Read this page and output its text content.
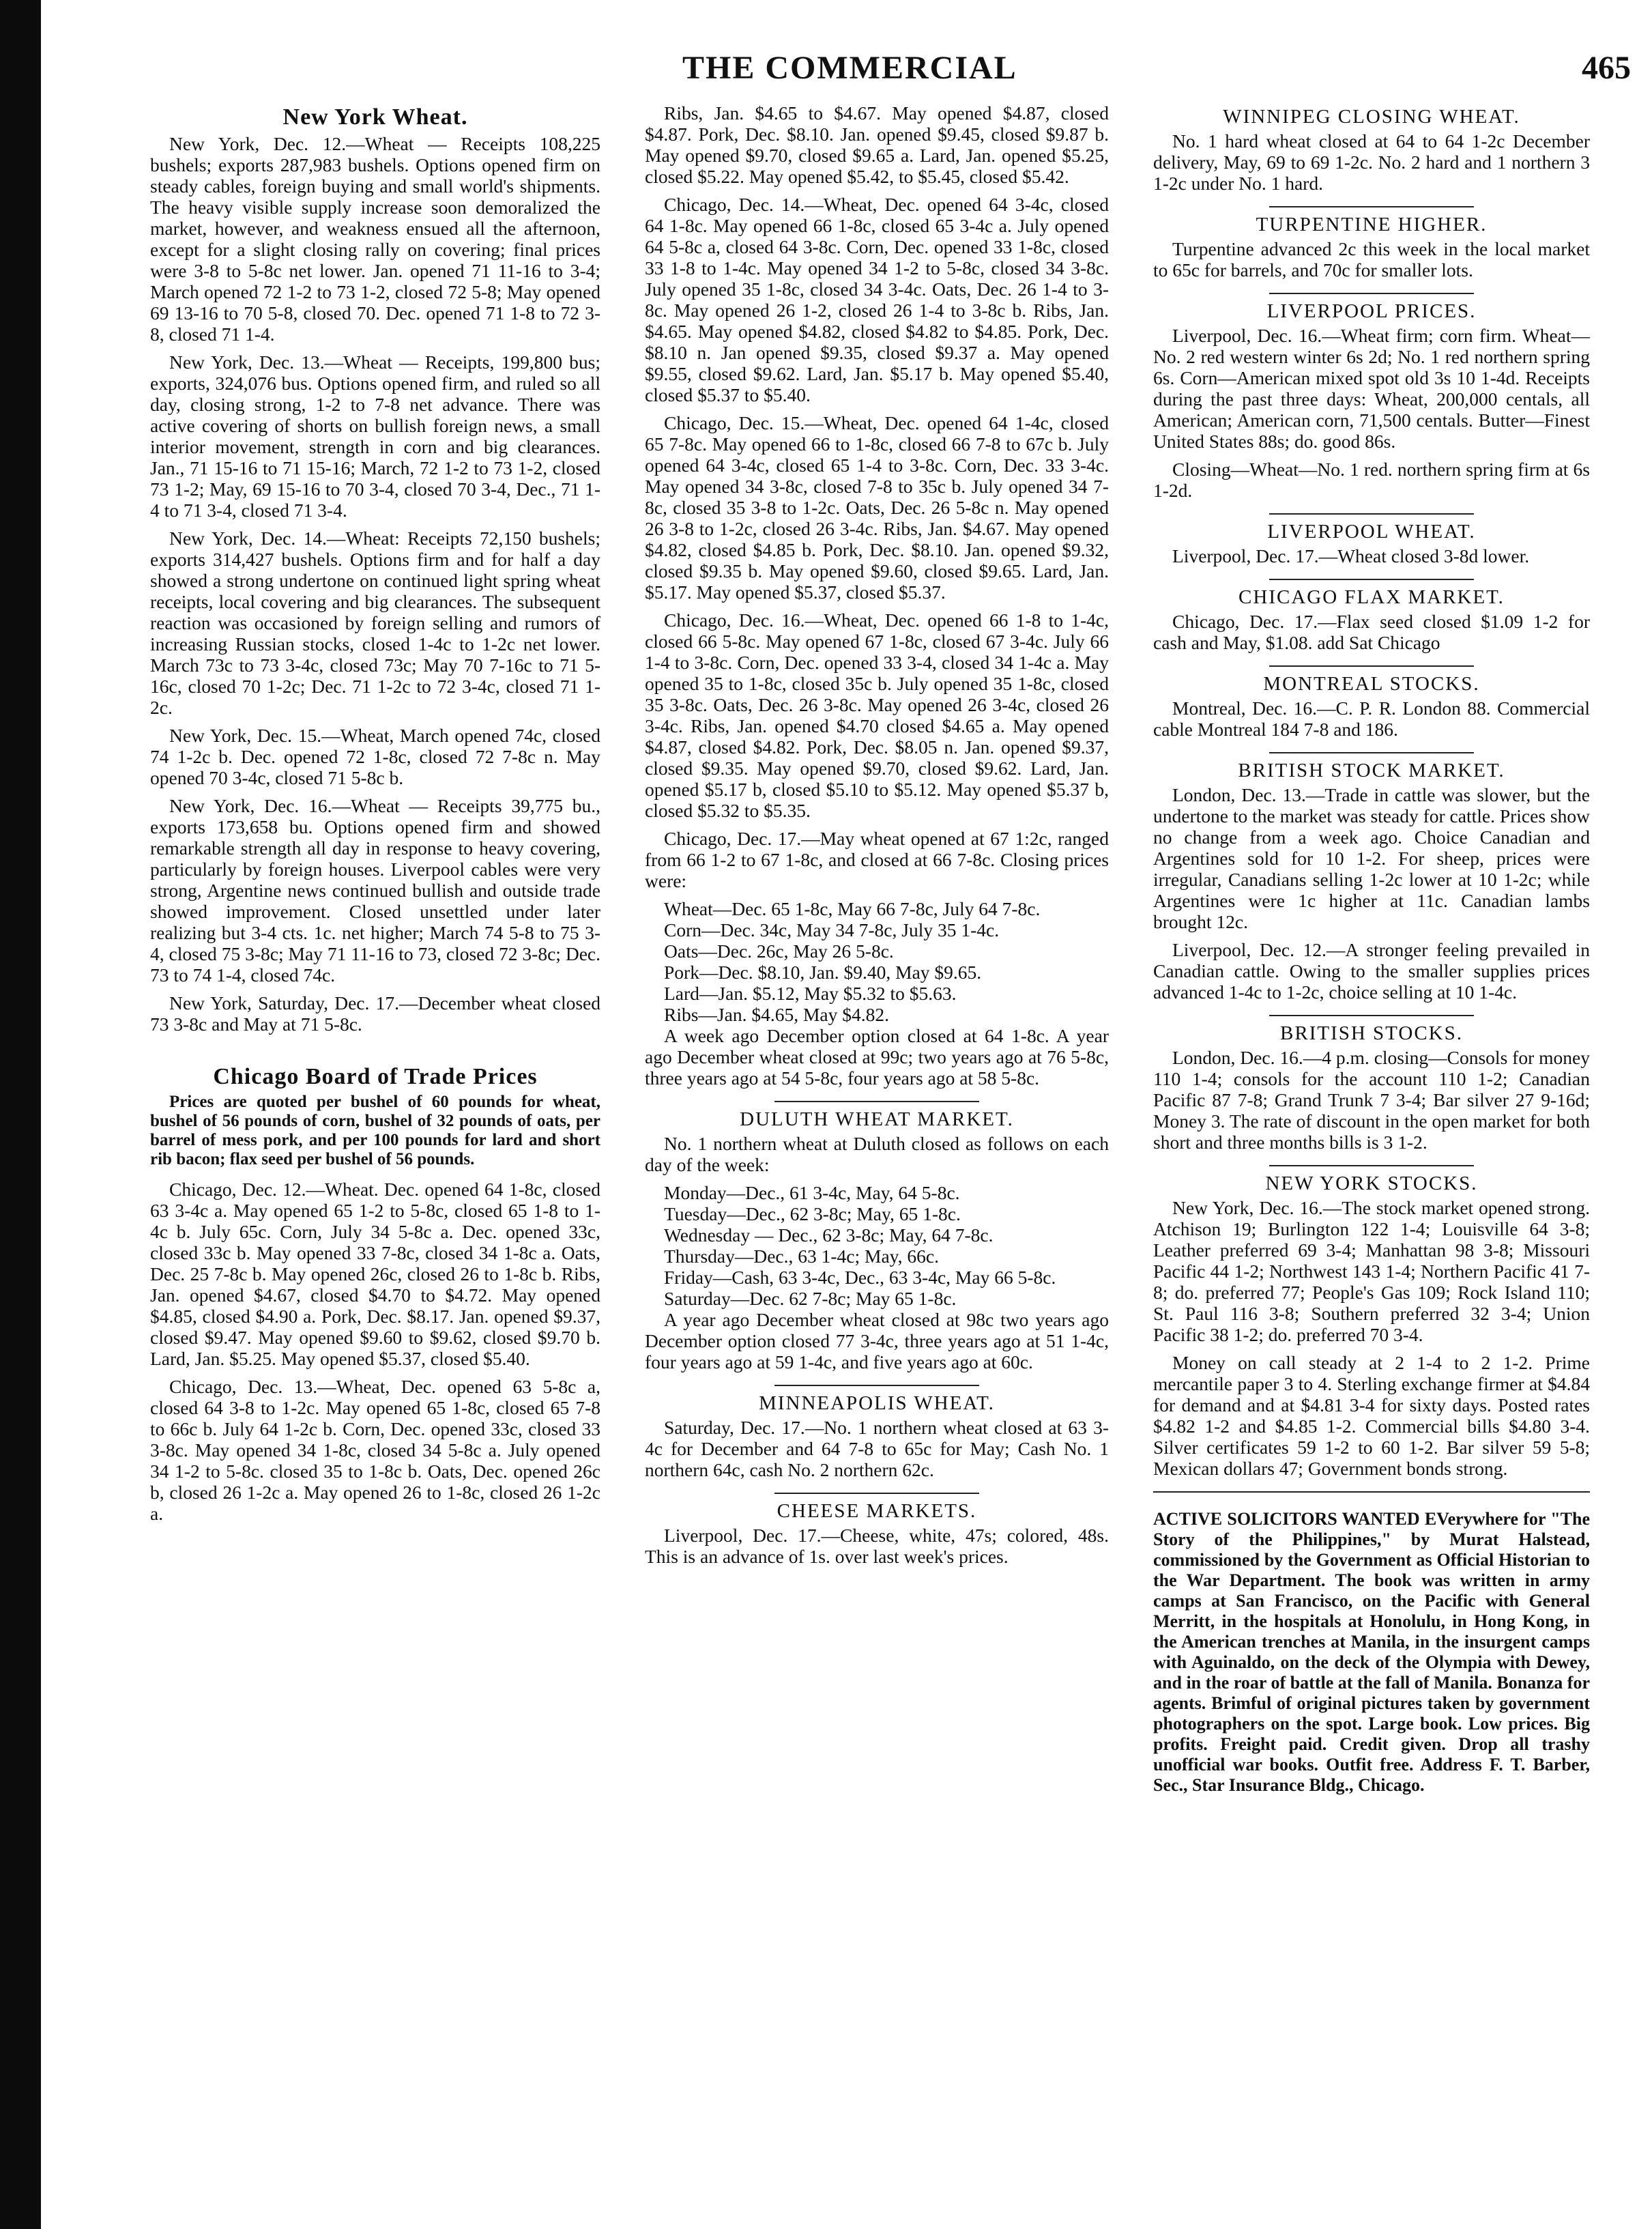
THE COMMERCIAL	465
New York Wheat.

New York, Dec. 12.—Wheat — Receipts 108,225 bushels; exports 287,983 bushels. Options opened firm on steady cables, foreign buying and small world's shipments. The heavy visible supply increase soon demoralized the market, however, and weakness ensued all the afternoon, except for a slight closing rally on covering; final prices were 3-8 to 5-8c net lower. Jan. opened 71 11-16 to 3-4; March opened 72 1-2 to 73 1-2, closed 72 5-8; May opened 69 13-16 to 70 5-8, closed 70. Dec. opened 71 1-8 to 72 3-8, closed 71 1-4.

New York, Dec. 13.—Wheat — Receipts, 199,800 bus; exports, 324,076 bus. Options opened firm, and ruled so all day, closing strong, 1-2 to 7-8 net advance. There was active covering of shorts on bullish foreign news, a small interior movement, strength in corn and big clearances. Jan., 71 15-16 to 71 15-16; March, 72 1-2 to 73 1-2, closed 73 1-2; May, 69 15-16 to 70 3-4, closed 70 3-4, Dec., 71 1-4 to 71 3-4, closed 71 3-4.

New York, Dec. 14.—Wheat: Receipts 72,150 bushels; exports 314,427 bushels. Options firm and for half a day showed a strong undertone on continued light spring wheat receipts, local covering and big clearances. The subsequent reaction was occasioned by foreign selling and rumors of increasing Russian stocks, closed 1-4c to 1-2c net lower. March 73c to 73 3-4c, closed 73c; May 70 7-16c to 71 5-16c, closed 70 1-2c; Dec. 71 1-2c to 72 3-4c, closed 71 1-2c.

New York, Dec. 15.—Wheat, March opened 74c, closed 74 1-2c b. Dec. opened 72 1-8c, closed 72 7-8c n. May opened 70 3-4c, closed 71 5-8c b.

New York, Dec. 16.—Wheat — Receipts 39,775 bu., exports 173,658 bu. Options opened firm and showed remarkable strength all day in response to heavy covering, particularly by foreign houses. Liverpool cables were very strong, Argentine news continued bullish and outside trade showed improvement. Closed unsettled under later realizing but 3-4 cts. 1c. net higher; March 74 5-8 to 75 3-4, closed 75 3-8c; May 71 11-16 to 73, closed 72 3-8c; Dec. 73 to 74 1-4, closed 74c.

New York, Saturday, Dec. 17.—December wheat closed 73 3-8c and May at 71 5-8c.

Chicago Board of Trade Prices

Prices are quoted per bushel of 60 pounds for wheat, bushel of 56 pounds of corn, bushel of 32 pounds of oats, per barrel of mess pork, and per 100 pounds for lard and short rib bacon; flax seed per bushel of 56 pounds.

Chicago, Dec. 12.—Wheat. Dec. opened 64 1-8c, closed 63 3-4c a. May opened 65 1-2 to 5-8c, closed 65 1-8 to 1-4c b. July 65c. Corn, July 34 5-8c a. Dec. opened 33c, closed 33c b. May opened 33 7-8c, closed 34 1-8c a. Oats, Dec. 25 7-8c b. May opened 26c, closed 26 to 1-8c b. Ribs, Jan. opened $4.67, closed $4.70 to $4.72. May opened $4.85, closed $4.90 a. Pork, Dec. $8.17. Jan. opened $9.37, closed $9.47. May opened $9.60 to $9.62, closed $9.70 b. Lard, Jan. $5.25. May opened $5.37, closed $5.40.

Chicago, Dec. 13.—Wheat, Dec. opened 63 5-8c a, closed 64 3-8 to 1-2c. May opened 65 1-8c, closed 65 7-8 to 66c b. July 64 1-2c b. Corn, Dec. opened 33c, closed 33 3-8c. May opened 34 1-8c, closed 34 5-8c a. July opened 34 1-2 to 5-8c. closed 35 to 1-8c b. Oats, Dec. opened 26c b, closed 26 1-2c a. May opened 26 to 1-8c, closed 26 1-2c a.

Ribs, Jan. $4.65 to $4.67. May opened $4.87, closed $4.87. Pork, Dec. $8.10. Jan. opened $9.45, closed $9.87 b. May opened $9.70, closed $9.65 a. Lard, Jan. opened $5.25, closed $5.22. May opened $5.42, to $5.45, closed $5.42.

Chicago, Dec. 14.—Wheat, Dec. opened 64 3-4c, closed 64 1-8c. May opened 66 1-8c, closed 65 3-4c a. July opened 64 5-8c a, closed 64 3-8c. Corn, Dec. opened 33 1-8c, closed 33 1-8 to 1-4c. May opened 34 1-2 to 5-8c, closed 34 3-8c. July opened 35 1-8c, closed 34 3-4c. Oats, Dec. 26 1-4 to 3-8c. May opened 26 1-2, closed 26 1-4 to 3-8c b. Ribs, Jan. $4.65. May opened $4.82, closed $4.82 to $4.85. Pork, Dec. $8.10 n. Jan opened $9.35, closed $9.37 a. May opened $9.55, closed $9.62. Lard, Jan. $5.17 b. May opened $5.40, closed $5.37 to $5.40.

Chicago, Dec. 15.—Wheat, Dec. opened 64 1-4c, closed 65 7-8c. May opened 66 to 1-8c, closed 66 7-8 to 67c b. July opened 64 3-4c, closed 65 1-4 to 3-8c. Corn, Dec. 33 3-4c. May opened 34 3-8c, closed 7-8 to 35c b. July opened 34 7-8c, closed 35 3-8 to 1-2c. Oats, Dec. 26 5-8c n. May opened 26 3-8 to 1-2c, closed 26 3-4c. Ribs, Jan. $4.67. May opened $4.82, closed $4.85 b. Pork, Dec. $8.10. Jan. opened $9.32, closed $9.35 b. May opened $9.60, closed $9.65. Lard, Jan. $5.17. May opened $5.37, closed $5.37.

Chicago, Dec. 16.—Wheat, Dec. opened 66 1-8 to 1-4c, closed 66 5-8c. May opened 67 1-8c, closed 67 3-4c. July 66 1-4 to 3-8c. Corn, Dec. opened 33 3-4, closed 34 1-4c a. May opened 35 to 1-8c, closed 35c b. July opened 35 1-8c, closed 35 3-8c. Oats, Dec. 26 3-8c. May opened 26 3-4c, closed 26 3-4c. Ribs, Jan. opened $4.70 closed $4.65 a. May opened $4.87, closed $4.82. Pork, Dec. $8.05 n. Jan. opened $9.37, closed $9.35. May opened $9.70, closed $9.62. Lard, Jan. opened $5.17 b, closed $5.10 to $5.12. May opened $5.37 b, closed $5.32 to $5.35.

Chicago, Dec. 17.—May wheat opened at 67 1:2c, ranged from 66 1-2 to 67 1-8c, and closed at 66 7-8c. Closing prices were:

Wheat—Dec. 65 1-8c, May 66 7-8c, July 64 7-8c.

Corn—Dec. 34c, May 34 7-8c, July 35 1-4c.

Oats—Dec. 26c, May 26 5-8c.

Pork—Dec. $8.10, Jan. $9.40, May $9.65.

Lard—Jan. $5.12, May $5.32 to $5.63.

Ribs—Jan. $4.65, May $4.82.

A week ago December option closed at 64 1-8c. A year ago December wheat closed at 99c; two years ago at 76 5-8c, three years ago at 54 5-8c, four years ago at 58 5-8c.

DULUTH WHEAT MARKET.

No. 1 northern wheat at Duluth closed as follows on each day of the week:

Monday—Dec., 61 3-4c, May, 64 5-8c.

Tuesday—Dec., 62 3-8c; May, 65 1-8c.

Wednesday — Dec., 62 3-8c; May, 64 7-8c.

Thursday—Dec., 63 1-4c; May, 66c.

Friday—Cash, 63 3-4c, Dec., 63 3-4c, May 66 5-8c.

Saturday—Dec. 62 7-8c; May 65 1-8c.

A year ago December wheat closed at 98c two years ago December option closed 77 3-4c, three years ago at 51 1-4c, four years ago at 59 1-4c, and five years ago at 60c.

MINNEAPOLIS WHEAT.

Saturday, Dec. 17.—No. 1 northern wheat closed at 63 3-4c for December and 64 7-8 to 65c for May; Cash No. 1 northern 64c, cash No. 2 northern 62c.

CHEESE MARKETS.

Liverpool, Dec. 17.—Cheese, white, 47s; colored, 48s. This is an advance of 1s. over last week's prices.

WINNIPEG CLOSING WHEAT.

No. 1 hard wheat closed at 64 to 64 1-2c December delivery, May, 69 to 69 1-2c. No. 2 hard and 1 northern 3 1-2c under No. 1 hard.

TURPENTINE HIGHER.

Turpentine advanced 2c this week in the local market to 65c for barrels, and 70c for smaller lots.

LIVERPOOL PRICES.

Liverpool, Dec. 16.—Wheat firm; corn firm. Wheat—No. 2 red western winter 6s 2d; No. 1 red northern spring 6s. Corn—American mixed spot old 3s 10 1-4d. Receipts during the past three days: Wheat, 200,000 centals, all American; American corn, 71,500 centals. Butter—Finest United States 88s; do. good 86s.

Closing—Wheat—No. 1 red. northern spring firm at 6s 1-2d.

LIVERPOOL WHEAT.

Liverpool, Dec. 17.—Wheat closed 3-8d lower.

CHICAGO FLAX MARKET.

Chicago, Dec. 17.—Flax seed closed $1.09 1-2 for cash and May, $1.08. add Sat Chicago

MONTREAL STOCKS.

Montreal, Dec. 16.—C. P. R. London 88. Commercial cable Montreal 184 7-8 and 186.

BRITISH STOCK MARKET.

London, Dec. 13.—Trade in cattle was slower, but the undertone to the market was steady for cattle. Prices show no change from a week ago. Choice Canadian and Argentines sold for 10 1-2. For sheep, prices were irregular, Canadians selling 1-2c lower at 10 1-2c; while Argentines were 1c higher at 11c. Canadian lambs brought 12c.

Liverpool, Dec. 12.—A stronger feeling prevailed in Canadian cattle. Owing to the smaller supplies prices advanced 1-4c to 1-2c, choice selling at 10 1-4c.

BRITISH STOCKS.

London, Dec. 16.—4 p.m. closing—Consols for money 110 1-4; consols for the account 110 1-2; Canadian Pacific 87 7-8; Grand Trunk 7 3-4; Bar silver 27 9-16d; Money 3. The rate of discount in the open market for both short and three months bills is 3 1-2.

NEW YORK STOCKS.

New York, Dec. 16.—The stock market opened strong. Atchison 19; Burlington 122 1-4; Louisville 64 3-8; Leather preferred 69 3-4; Manhattan 98 3-8; Missouri Pacific 44 1-2; Northwest 143 1-4; Northern Pacific 41 7-8; do. preferred 77; People's Gas 109; Rock Island 110; St. Paul 116 3-8; Southern preferred 32 3-4; Union Pacific 38 1-2; do. preferred 70 3-4.

Money on call steady at 2 1-4 to 2 1-2. Prime mercantile paper 3 to 4. Sterling exchange firmer at $4.84 for demand and at $4.81 3-4 for sixty days. Posted rates $4.82 1-2 and $4.85 1-2. Commercial bills $4.80 3-4. Silver certificates 59 1-2 to 60 1-2. Bar silver 59 5-8; Mexican dollars 47; Government bonds strong.

ACTIVE SOLICITORS WANTED EVerywhere for "The Story of the Philippines," by Murat Halstead, commissioned by the Government as Official Historian to the War Department. The book was written in army camps at San Francisco, on the Pacific with General Merritt, in the hospitals at Honolulu, in Hong Kong, in the American trenches at Manila, in the insurgent camps with Aguinaldo, on the deck of the Olympia with Dewey, and in the roar of battle at the fall of Manila. Bonanza for agents. Brimful of original pictures taken by government photographers on the spot. Large book. Low prices. Big profits. Freight paid. Credit given. Drop all trashy unofficial war books. Outfit free. Address F. T. Barber, Sec., Star Insurance Bldg., Chicago.
